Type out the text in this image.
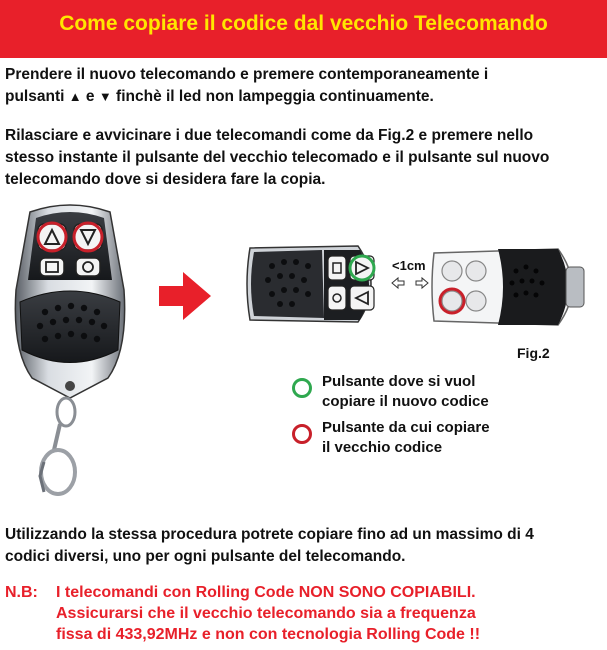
Come copiare il codice dal vecchio Telecomando

Prendere il nuovo telecomando e premere contemporaneamente i
pulsanti ▲ e ▼ finchè il led non lampeggia continuamente.

Rilasciare e avvicinare i due telecomandi come da Fig.2 e premere nello
stesso instante il pulsante del vecchio telecomado e il pulsante sul nuovo
telecomando dove si desidera fare la copia.

<1cm
Fig.2

Pulsante dove si vuol
copiare il nuovo codice

Pulsante da cui copiare
il vecchio codice

Utilizzando la stessa procedura potrete copiare fino ad un massimo di 4
codici diversi, uno per ogni pulsante del telecomando.

N.B:	I telecomandi con Rolling Code NON SONO COPIABILI.
Assicurarsi che il vecchio telecomando sia a frequenza
fissa di 433,92MHz e non con tecnologia Rolling Code !!
